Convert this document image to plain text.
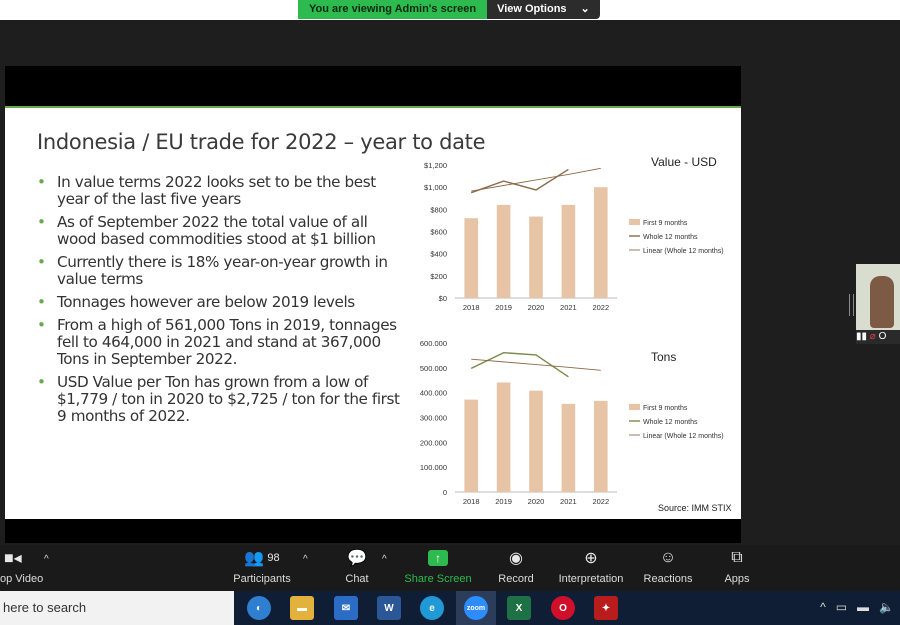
You are viewing Admin's screen	View Options ⌄
Indonesia / EU trade for 2022 – year to date
• In value terms 2022 looks set to be the best year of the last five years
• As of September 2022 the total value of all wood based commodities stood at $1 billion
• Currently there is 18% year-on-year growth in value terms
• Tonnages however are below 2019 levels
• From a high of 561,000 Tons in 2019, tonnages fell to 464,000 in 2021 and stand at 367,000 Tons in September 2022.
• USD Value per Ton has grown from a low of $1,779 / ton in 2020 to $2,725 / ton for the first 9 months of 2022.
Value - USD
Tons
$0
$200
$400
$600
$800
$1,000
$1,200
2018 2019 2020 2021 2022
First 9 months
Whole 12 months
Linear (Whole 12 months)
0
100.000
200.000
300.000
400.000
500.000
600.000
2018 2019 2020 2021 2022
First 9 months
Whole 12 months
Linear (Whole 12 months)
Source: IMM STIX
▮▮ ⌀ O
■◂
op Video
^	👥 98
Participants
^	💬
Chat
^	↑
Share Screen
◉
Record
⊕
Interpretation
☺
Reactions
⧉
Apps
here to search	◐	▬	✉	W	e	zoom	X	O	✦	^ ▭ ▬ 🔈
